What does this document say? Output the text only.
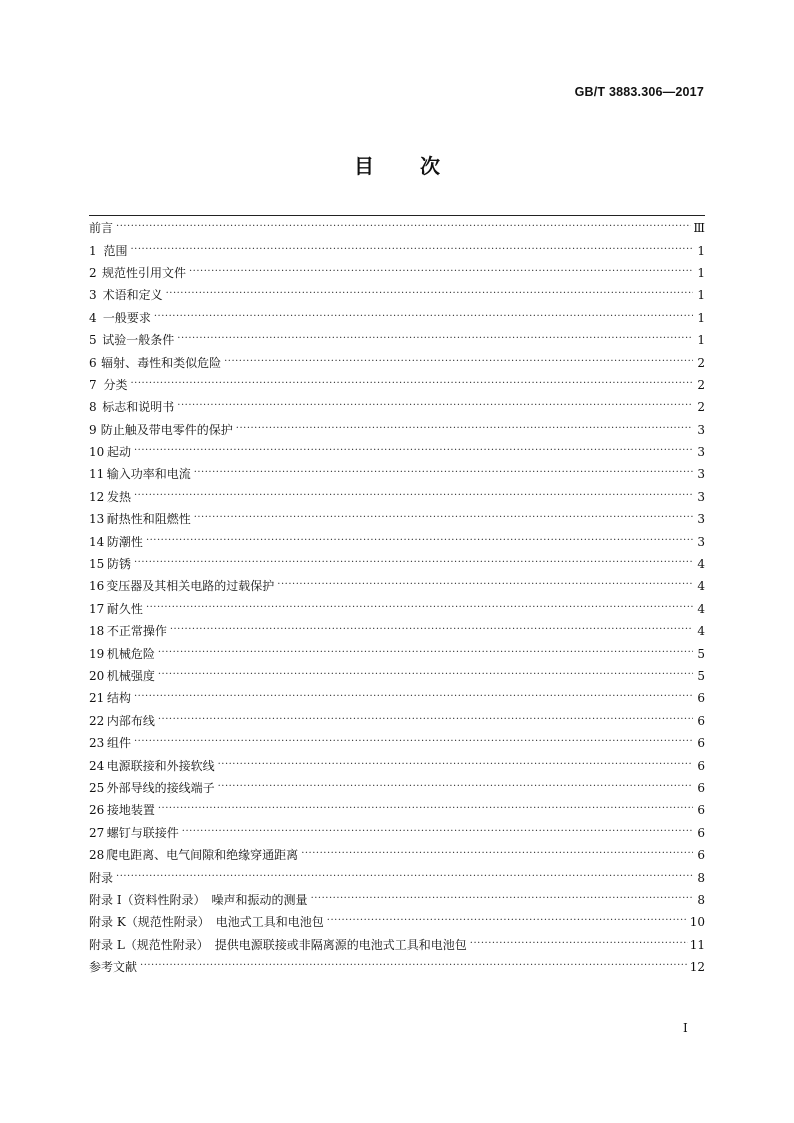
GB/T 3883.306—2017
目 次
前言 ·····	Ⅲ
1 范围 ·····	1
2 规范性引用文件 ·····	1
3 术语和定义 ·····	1
4 一般要求 ·····	1
5 试验一般条件 ·····	1
6 辐射、毒性和类似危险 ·····	2
7 分类 ·····	2
8 标志和说明书 ·····	2
9 防止触及带电零件的保护 ·····	3
10 起动 ·····	3
11 输入功率和电流 ·····	3
12 发热 ·····	3
13 耐热性和阻燃性 ·····	3
14 防潮性 ·····	3
15 防锈 ·····	4
16 变压器及其相关电路的过载保护 ·····	4
17 耐久性 ·····	4
18 不正常操作 ·····	4
19 机械危险 ·····	5
20 机械强度 ·····	5
21 结构 ·····	6
22 内部布线 ·····	6
23 组件 ·····	6
24 电源联接和外接软线 ·····	6
25 外部导线的接线端子 ·····	6
26 接地装置 ·····	6
27 螺钉与联接件 ·····	6
28 爬电距离、电气间隙和绝缘穿通距离 ·····	6
附录 ·····	8
附录 I（资料性附录）　噪声和振动的测量 ·····	8
附录 K（规范性附录）　电池式工具和电池包 ·····	10
附录 L（规范性附录）　提供电源联接或非隔离源的电池式工具和电池包 ·····	11
参考文献 ·····	12
Ⅰ
